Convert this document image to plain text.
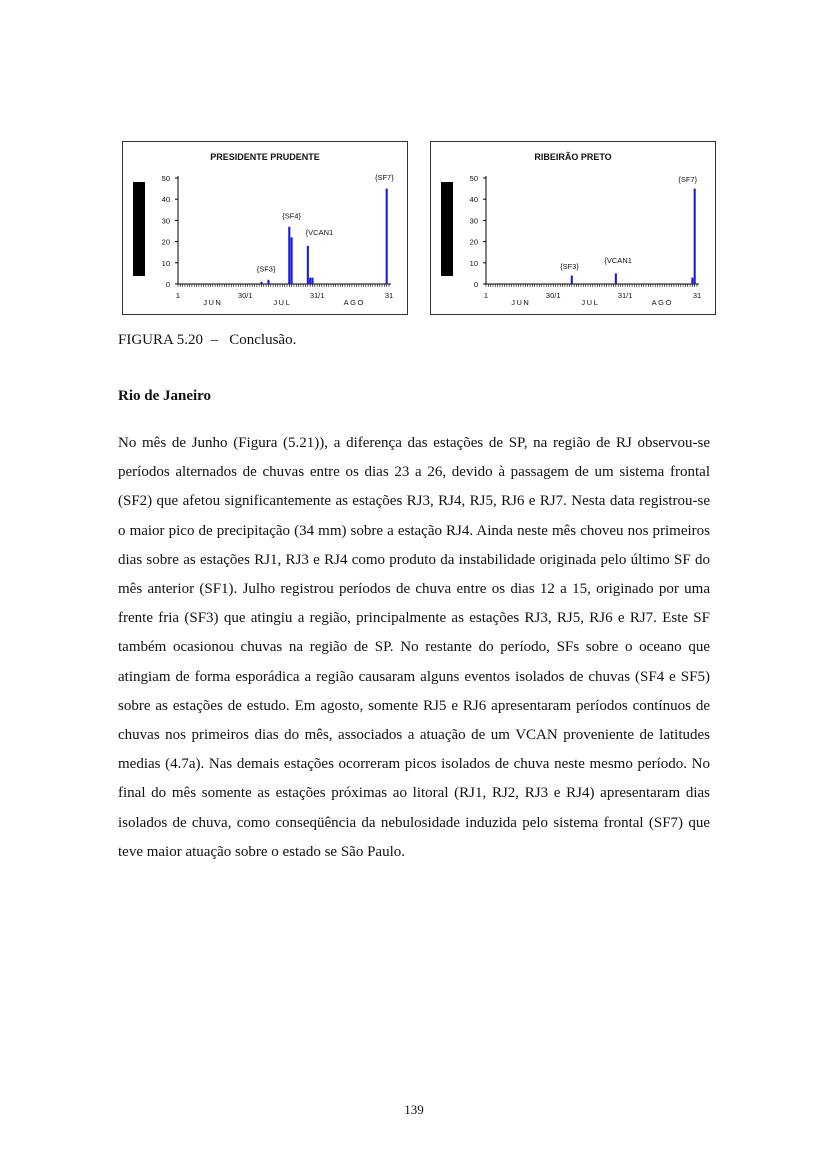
PRESIDENTE PRUDENTE
0
10
20
30
40
50
1	30/1	31/1	31
JUN	JUL	AGO
{SF3}
{SF4}
{VCAN1
{SF7}
RIBEIRÃO PRETO
0
10
20
30
40
50
1	30/1	31/1	31
JUN	JUL	AGO
{SF3}
{VCAN1
{SF7}
FIGURA 5.20  –   Conclusão.
Rio de Janeiro

No mês de Junho (Figura (5.21)), a diferença das estações de SP, na região de RJ observou-se períodos alternados de chuvas entre os dias 23 a 26, devido à passagem de um sistema frontal (SF2) que afetou significantemente as estações RJ3, RJ4, RJ5, RJ6 e RJ7. Nesta data registrou-se o maior pico de precipitação (34 mm) sobre a estação RJ4. Ainda neste mês choveu nos primeiros dias sobre as estações RJ1, RJ3 e RJ4 como produto da instabilidade originada pelo último SF do mês anterior (SF1). Julho registrou períodos de chuva entre os dias 12 a 15, originado por uma frente fria (SF3) que atingiu a região, principalmente as estações RJ3, RJ5, RJ6 e RJ7. Este SF também ocasionou chuvas na região de SP. No restante do período, SFs sobre o oceano que atingiam de forma esporádica a região causaram alguns eventos isolados de chuvas (SF4 e SF5) sobre as estações de estudo. Em agosto, somente RJ5 e RJ6 apresentaram períodos contínuos de chuvas nos primeiros dias do mês, associados a atuação de um VCAN proveniente de latitudes medias (4.7a). Nas demais estações ocorreram picos isolados de chuva neste mesmo período. No final do mês somente as estações próximas ao litoral (RJ1, RJ2, RJ3 e RJ4) apresentaram dias isolados de chuva, como conseqüência da nebulosidade induzida pelo sistema frontal (SF7) que teve maior atuação sobre o estado se São Paulo.

139
